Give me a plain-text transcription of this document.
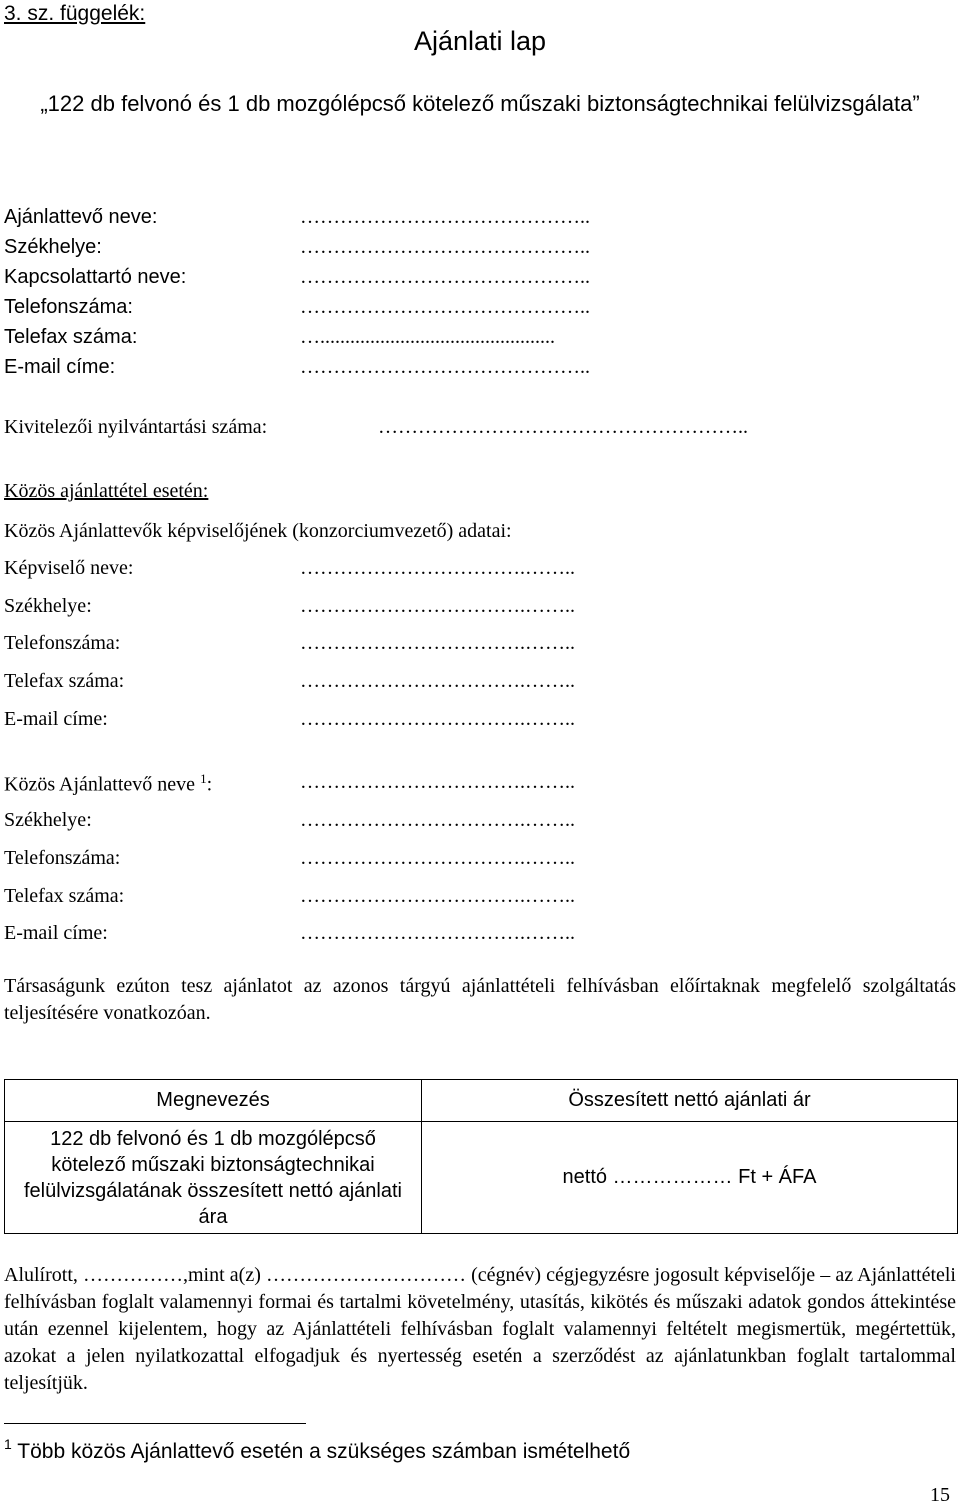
3. sz. függelék:
Ajánlati lap
„122 db felvonó és 1 db mozgólépcső kötelező műszaki biztonságtechnikai felülvizsgálata”
Ajánlattevő neve:	……………………………………..
Székhelye:	……………………………………..
Kapcsolattartó neve:	……………………………………..
Telefonszáma:	……………………………………..
Telefax száma:	…...............................................
E-mail címe:	……………………………………..
Kivitelezői nyilvántartási száma:	………………………………………………..
Közös ajánlattétel esetén:
Közös Ajánlattevők képviselőjének (konzorciumvezető) adatai:
Képviselő neve:	…………………………….……..
Székhelye:	…………………………….……..
Telefonszáma:	…………………………….……..
Telefax száma:	…………………………….……..
E-mail címe:	…………………………….……..
Közös Ajánlattevő neve $^1$:	…………………………….……..
Székhelye:	…………………………….……..
Telefonszáma:	…………………………….……..
Telefax száma:	…………………………….……..
E-mail címe:	…………………………….……..
Társaságunk ezúton tesz ajánlatot az azonos tárgyú ajánlattételi felhívásban előírtaknak megfelelő szolgáltatás teljesítésére vonatkozóan.
Megnevezés	Összesített nettó ajánlati ár
122 db felvonó és 1 db mozgólépcső kötelező műszaki biztonságtechnikai felülvizsgálatának összesített nettó ajánlati ára	nettó ……………… Ft + ÁFA
Alulírott, ……………,mint a(z) ………………………… (cégnév) cégjegyzésre jogosult képviselője – az Ajánlattételi felhívásban foglalt valamennyi formai és tartalmi követelmény, utasítás, kikötés és műszaki adatok gondos áttekintése után ezennel kijelentem, hogy az Ajánlattételi felhívásban foglalt valamennyi feltételt megismertük, megértettük, azokat a jelen nyilatkozattal elfogadjuk és nyertesség esetén a szerződést az ajánlatunkban foglalt tartalommal teljesítjük.
$^1$ Több közös Ajánlattevő esetén a szükséges számban ismételhető
15
